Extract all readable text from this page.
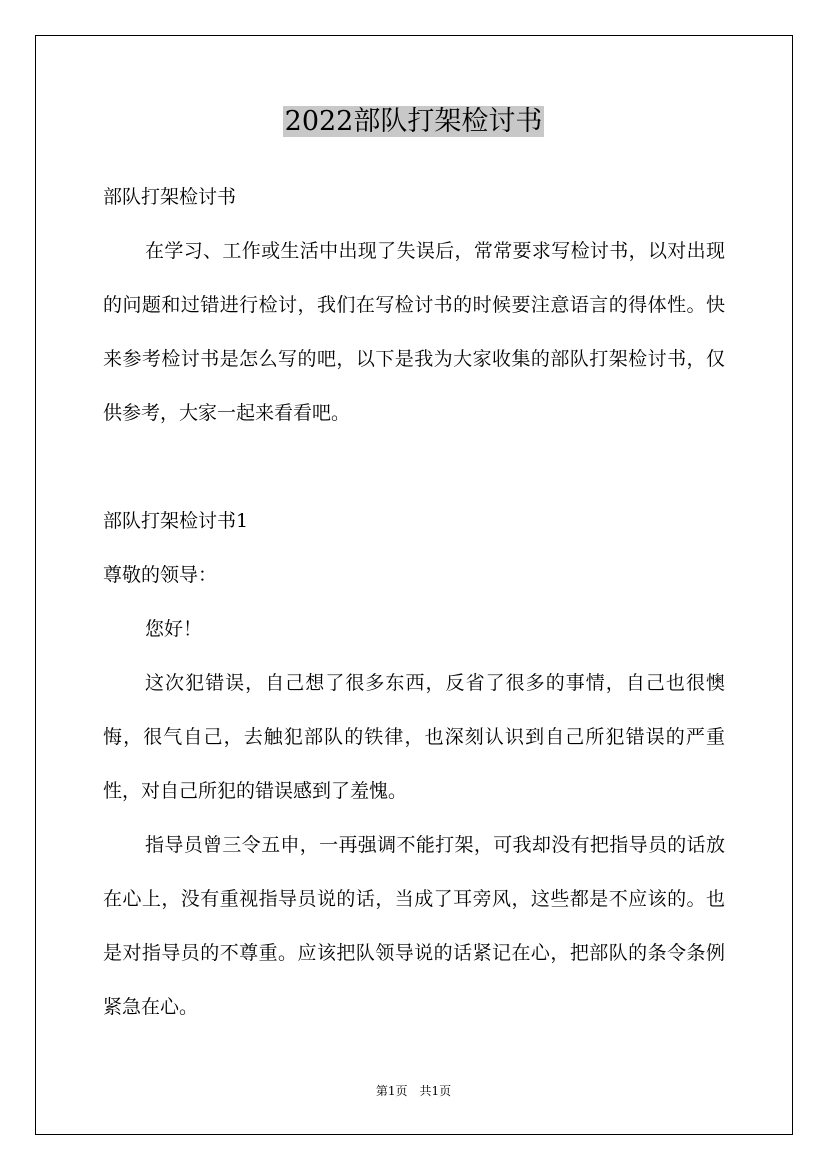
2022部队打架检讨书

部队打架检讨书

在学习、工作或生活中出现了失误后，常常要求写检讨书，以对出现的问题和过错进行检讨，我们在写检讨书的时候要注意语言的得体性。快来参考检讨书是怎么写的吧，以下是我为大家收集的部队打架检讨书，仅供参考，大家一起来看看吧。

部队打架检讨书1

尊敬的领导：

您好！

这次犯错误，自己想了很多东西，反省了很多的事情，自己也很懊悔，很气自己，去触犯部队的铁律，也深刻认识到自己所犯错误的严重性，对自己所犯的错误感到了羞愧。

指导员曾三令五申，一再强调不能打架，可我却没有把指导员的话放在心上，没有重视指导员说的话，当成了耳旁风，这些都是不应该的。也是对指导员的不尊重。应该把队领导说的话紧记在心，把部队的条令条例紧急在心。

第1页 共1页
